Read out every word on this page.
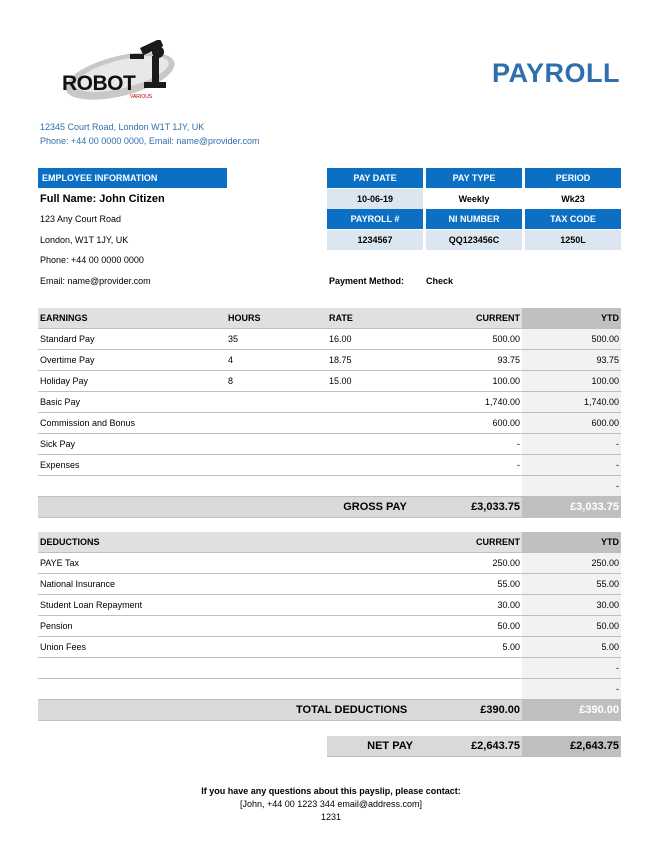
ROBOT
VARIOUS
PAYROLL
12345 Court Road, London W1T 1JY, UK
Phone: +44 00 0000 0000, Email: name@provider.com
EMPLOYEE INFORMATION
Full Name: John Citizen
123 Any Court Road
London, W1T 1JY, UK
Phone: +44 00 0000 0000
Email: name@provider.com
PAY DATE	PAY TYPE	PERIOD
10-06-19	Weekly	Wk23
PAYROLL #	NI NUMBER	TAX CODE
1234567	QQ123456C	1250L
Payment Method: Check
EARNINGS	HOURS	RATE	CURRENT	YTD
Standard Pay	35	16.00	500.00	500.00
Overtime Pay	4	18.75	93.75	93.75
Holiday Pay	8	15.00	100.00	100.00
Basic Pay			1,740.00	1,740.00
Commission and Bonus			600.00	600.00
Sick Pay			-	-
Expenses			-	-
				-
		GROSS PAY	£3,033.75	£3,033.75
DEDUCTIONS	CURRENT	YTD
PAYE Tax	250.00	250.00
National Insurance	55.00	55.00
Student Loan Repayment	30.00	30.00
Pension	50.00	50.00
Union Fees	5.00	5.00
		-
		-
TOTAL DEDUCTIONS	£390.00	£390.00
NET PAY	£2,643.75	£2,643.75
If you have any questions about this payslip, please contact:
[John, +44 00 1223 344 email@address.com]
1231
